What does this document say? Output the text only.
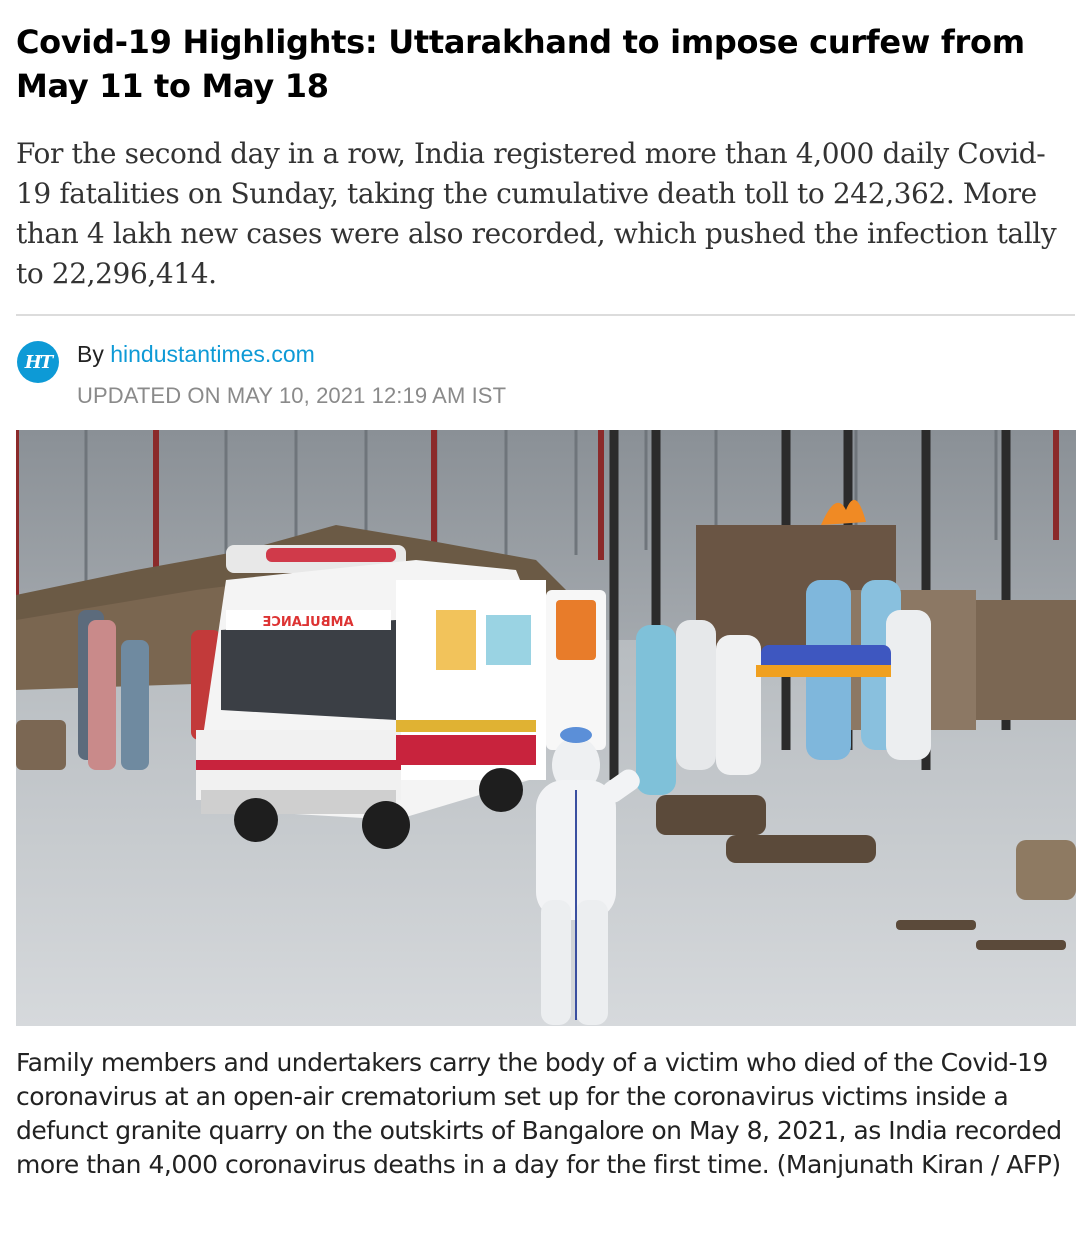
Covid-19 Highlights: Uttarakhand to impose curfew from May 11 to May 18

For the second day in a row, India registered more than 4,000 daily Covid-19 fatalities on Sunday, taking the cumulative death toll to 242,362. More than 4 lakh new cases were also recorded, which pushed the infection tally to 22,296,414.

HT By hindustantimes.com
UPDATED ON MAY 10, 2021 12:19 AM IST
AMBULANCE

Family members and undertakers carry the body of a victim who died of the Covid-19 coronavirus at an open-air crematorium set up for the coronavirus victims inside a defunct granite quarry on the outskirts of Bangalore on May 8, 2021, as India recorded more than 4,000 coronavirus deaths in a day for the first time. (Manjunath Kiran / AFP)
